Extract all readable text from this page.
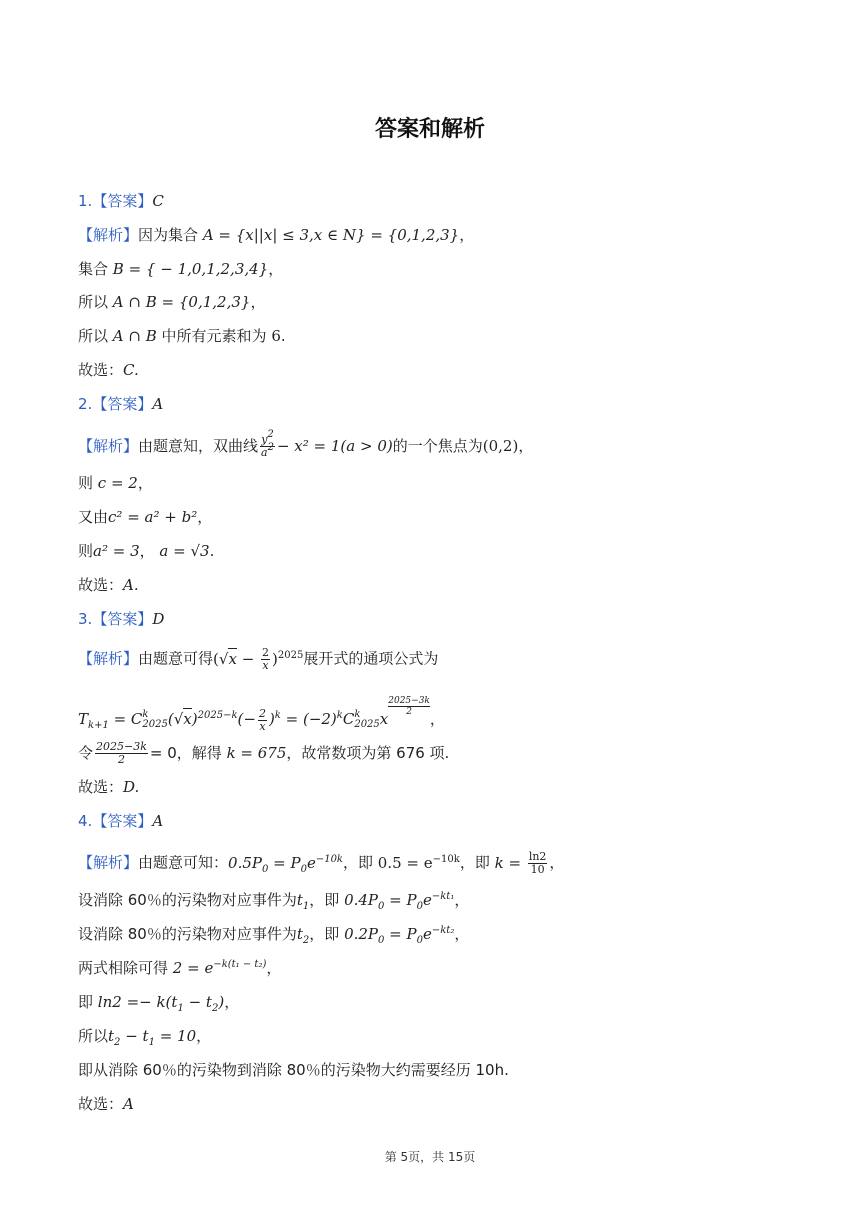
答案和解析
1.【答案】C
【解析】因为集合 A = {x||x| ≤ 3,x ∈ N} = {0,1,2,3}，
集合 B = { − 1,0,1,2,3,4}，
所以 A ∩ B = {0,1,2,3}，
所以 A ∩ B 中所有元素和为 6.
故选：C.
2.【答案】A
【解析】由题意知，双曲线 $\frac{y^2}{a^2} - x^2 = 1(a > 0)$的一个焦点为(0,2)，
则 c = 2，
又由c² = a² + b²，
则a² = 3， a = √3.
故选：A.
3.【答案】D
【解析】由题意可得$(√x - \frac{2}{x} )^{2025}$展开式的通项公式为
$T_{k+1} = C$ k
2025 $(√x)^{2025-k}(- \frac{2}{x} )^k = (-2)^kC$ k
2025 x
$\frac{2025-3k}{2}$
，
令 $\frac{2025-3k}{2} = 0$，解得 k = 675，故常数项为第 676 项.
故选：D.
4.【答案】A
【解析】由题意可知：$0.5P_0 = P_0e^{-10k}$，即 $0.5 = e^{-10k}$，即 $k = \frac{\ln 2}{10}$ ，
设消除 60％的污染物对应事件为$t_1$，即 $0.4P_0 = P_0e^{-kt_1}$，
设消除 80％的污染物对应事件为$t_2$，即 $0.2P_0 = P_0e^{-kt_2}$，
两式相除可得 $2 = e^{-k(t_1 - t_2)}$，
即 $\ln 2 =- k(t_1 - t_2)$，
所以$t_2 - t_1 = 10$，
即从消除 60％的污染物到消除 80％的污染物大约需要经历 10h.
故选：A
第 5页，共 15页
